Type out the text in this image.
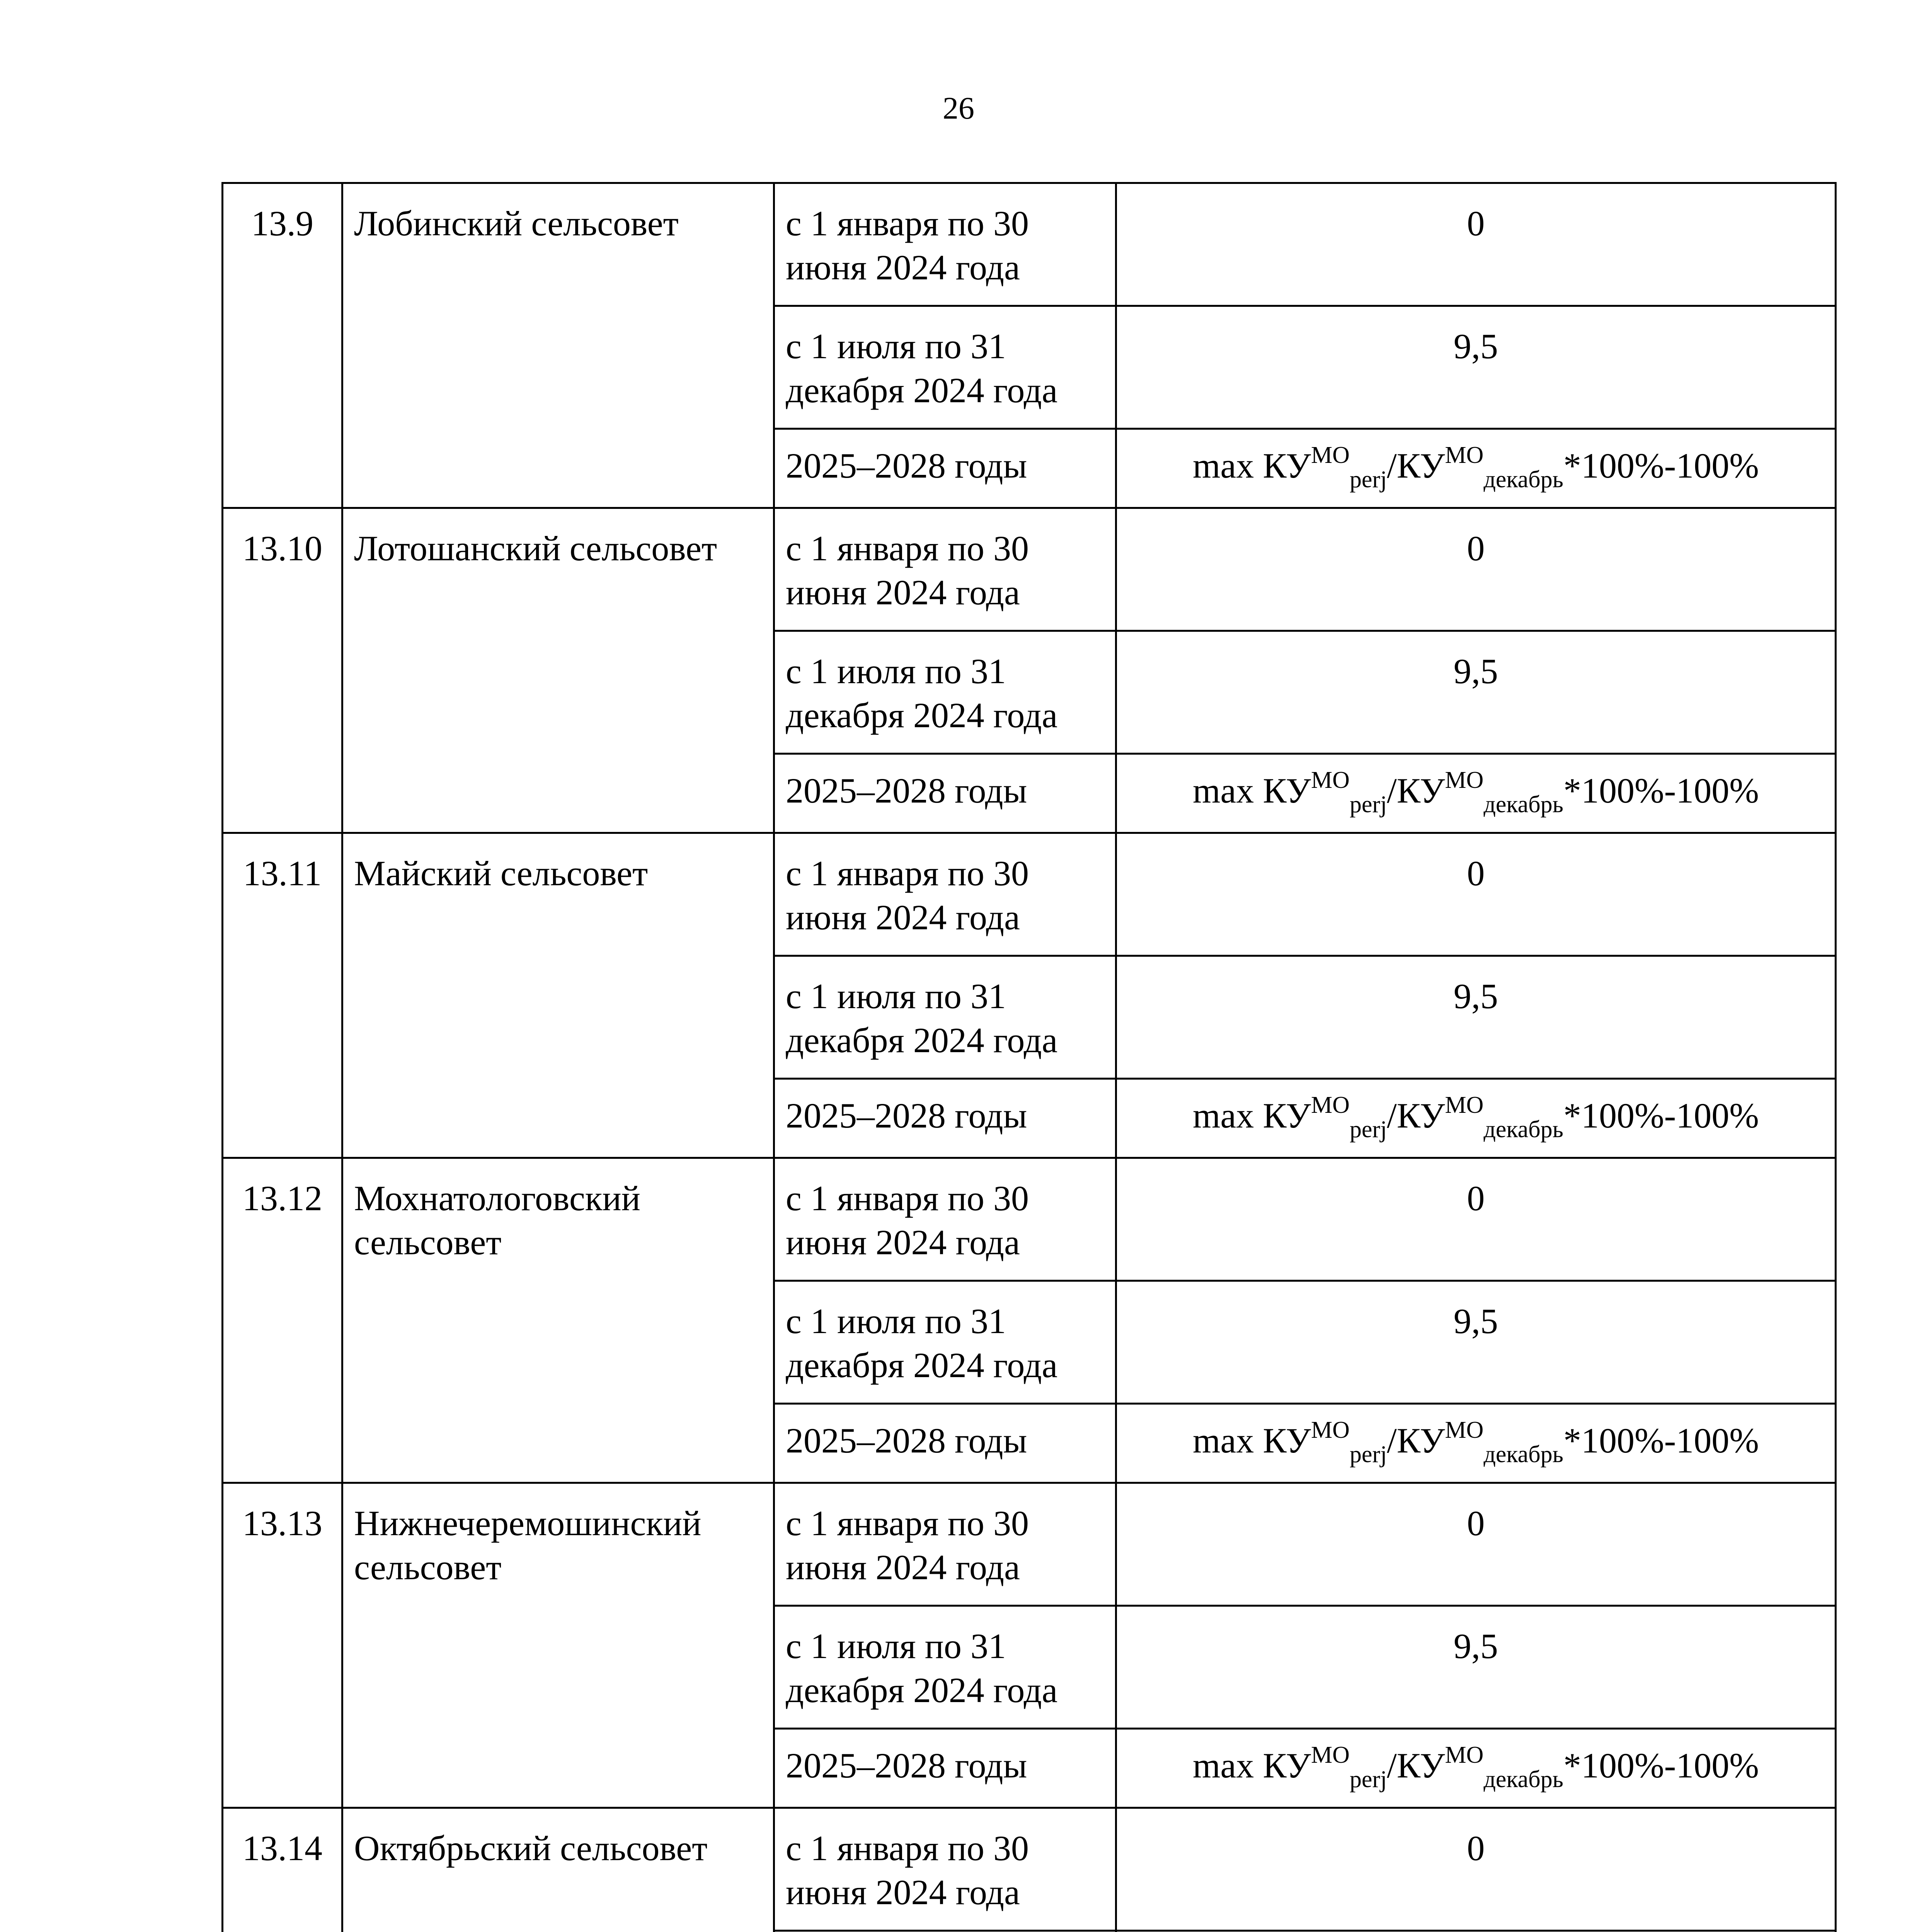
26
13.9	Лобинский сельсовет	с 1 января по 30 июня 2024 года	0
		с 1 июля по 31 декабря 2024 года	9,5
		2025–2028 годы	$\max КУ^{МО}_{perj}/КУ^{МО}_{декабрь}*100\%-100\%$
13.10	Лотошанский сельсовет	с 1 января по 30 июня 2024 года	0
		с 1 июля по 31 декабря 2024 года	9,5
		2025–2028 годы	$\max КУ^{МО}_{perj}/КУ^{МО}_{декабрь}*100\%-100\%$
13.11	Майский сельсовет	с 1 января по 30 июня 2024 года	0
		с 1 июля по 31 декабря 2024 года	9,5
		2025–2028 годы	$\max КУ^{МО}_{perj}/КУ^{МО}_{декабрь}*100\%-100\%$
13.12	Мохнатологовский сельсовет	с 1 января по 30 июня 2024 года	0
		с 1 июля по 31 декабря 2024 года	9,5
		2025–2028 годы	$\max КУ^{МО}_{perj}/КУ^{МО}_{декабрь}*100\%-100\%$
13.13	Нижнечеремошинский сельсовет	с 1 января по 30 июня 2024 года	0
		с 1 июля по 31 декабря 2024 года	9,5
		2025–2028 годы	$\max КУ^{МО}_{perj}/КУ^{МО}_{декабрь}*100\%-100\%$
13.14	Октябрьский сельсовет	с 1 января по 30 июня 2024 года	0
